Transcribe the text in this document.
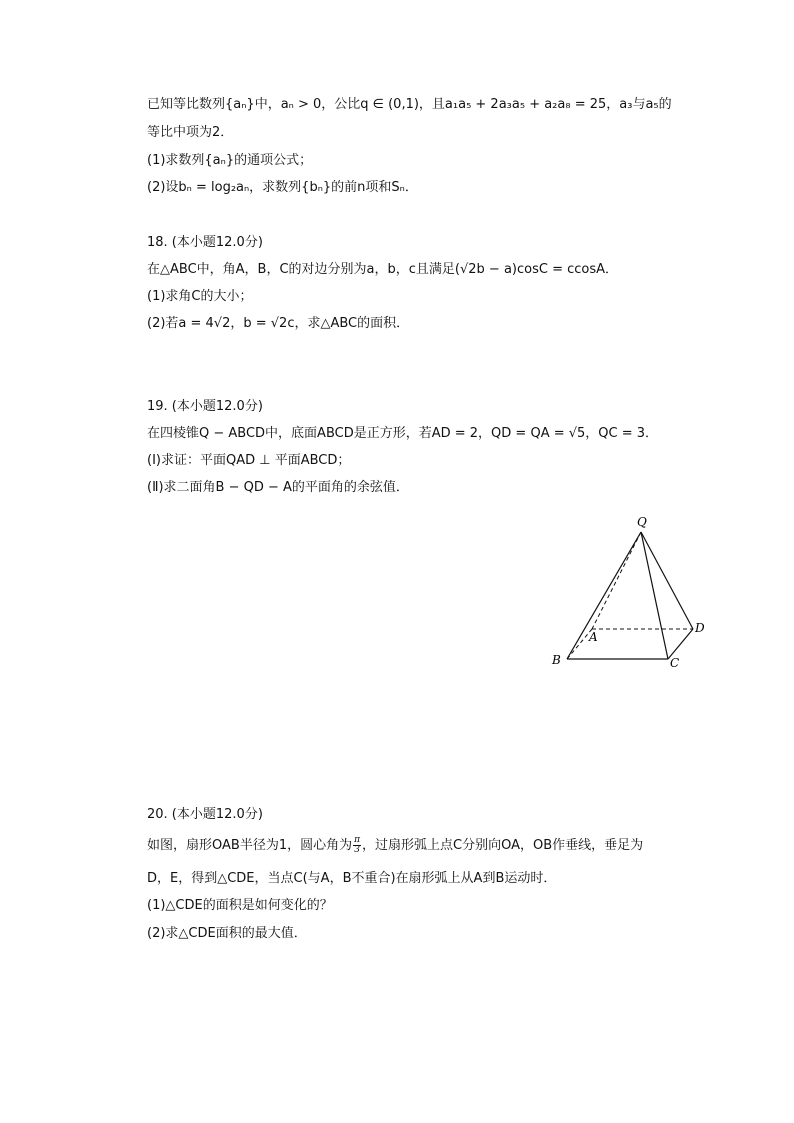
已知等比数列{aₙ}中，aₙ > 0，公比q ∈ (0,1)，且a₁a₅ + 2a₃a₅ + a₂a₈ = 25，a₃与a₅的
等比中项为2．
(1)求数列{aₙ}的通项公式；
(2)设bₙ = log₂aₙ，求数列{bₙ}的前n项和Sₙ．
18. (本小题12.0分)
在△ABC中，角A，B，C的对边分别为a，b，c且满足(√2b − a)cosC = ccosA．
(1)求角C的大小；
(2)若a = 4√2，b = √2c，求△ABC的面积．
19. (本小题12.0分)
在四棱锥Q − ABCD中，底面ABCD是正方形，若AD = 2，QD = QA = √5，QC = 3．
(Ⅰ)求证：平面QAD ⊥ 平面ABCD；
(Ⅱ)求二面角B − QD − A的平面角的余弦值．
Q
A
B	C
D
20. (本小题12.0分)
如图，扇形OAB半径为1，圆心角为 $\frac{\pi}{3}$ ，过扇形弧上点C分别向OA，OB作垂线，垂足为
D，E，得到△CDE，当点C(与A，B不重合)在扇形弧上从A到B运动时．
(1)△CDE的面积是如何变化的？
(2)求△CDE面积的最大值．
